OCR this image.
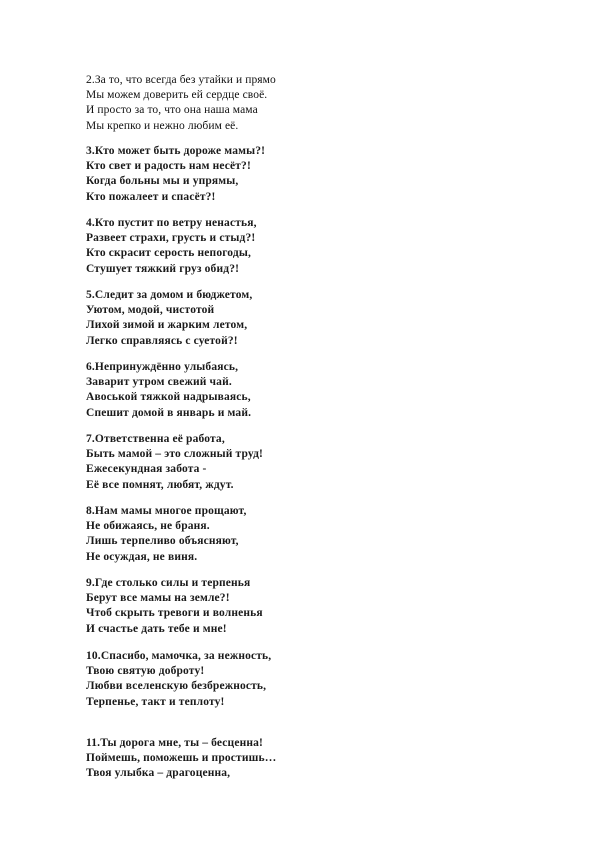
2.За то, что всегда без утайки и прямо
Мы можем доверить ей сердце своё.
И просто за то, что она наша мама
Мы крепко и нежно любим её.
3.Кто может быть дороже мамы?!
Кто свет и радость нам несёт?!
Когда больны мы и упрямы,
Кто пожалеет и спасёт?!
4.Кто пустит по ветру ненастья,
Развеет страхи, грусть и стыд?!
Кто скрасит серость непогоды,
Стушует тяжкий груз обид?!
5.Следит за домом и бюджетом,
Уютом, модой, чистотой
Лихой зимой и жарким летом,
Легко справляясь с суетой?!
6.Непринуждённо улыбаясь,
Заварит утром свежий чай.
Авоськой тяжкой надрываясь,
Спешит домой в январь и май.
7.Ответственна её работа,
Быть мамой – это сложный труд!
Ежесекундная забота -
Её все помнят, любят, ждут.
8.Нам мамы многое прощают,
Не обижаясь, не браня.
Лишь терпеливо объясняют,
Не осуждая, не виня.
9.Где столько силы и терпенья
Берут все мамы на земле?!
Чтоб скрыть тревоги и волненья
И счастье дать тебе и мне!
10.Спасибо, мамочка, за нежность,
Твою святую доброту!
Любви вселенскую безбрежность,
Терпенье, такт и теплоту!
11.Ты дорога мне, ты – бесценна!
Поймешь, поможешь и простишь…
Твоя улыбка – драгоценна,
